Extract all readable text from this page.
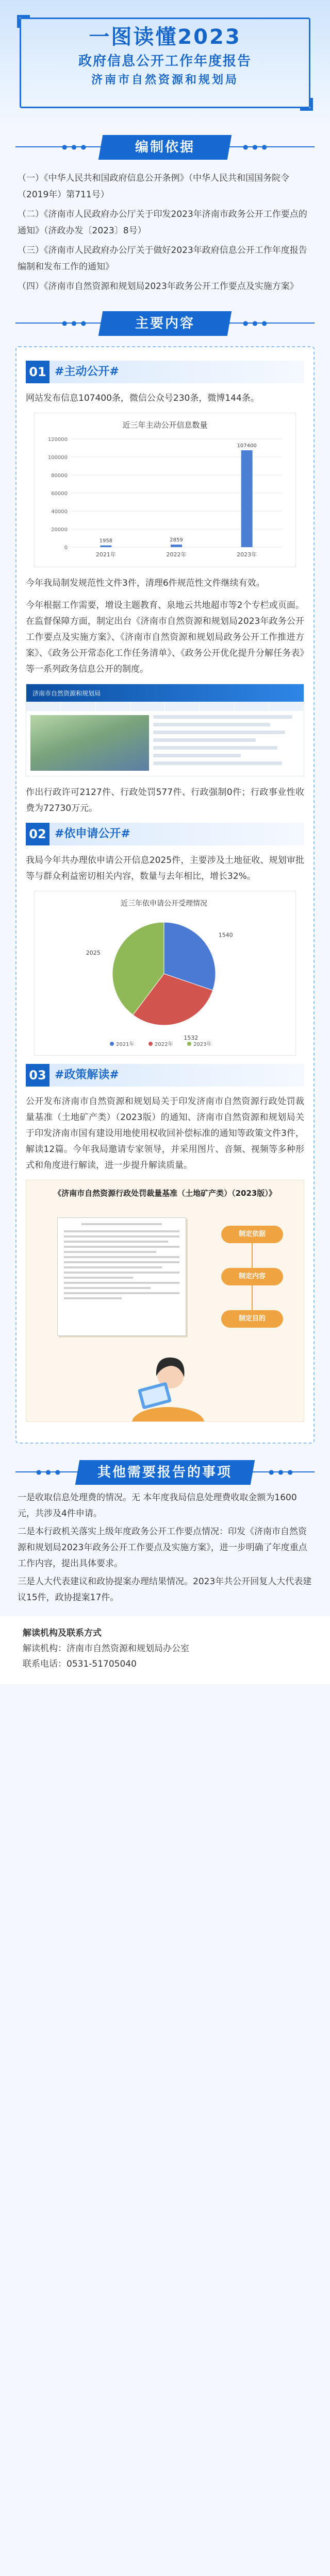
一图读懂2023
政府信息公开工作年度报告
济南市自然资源和规划局
● ● ●	● ● ●
编制依据

（一）《中华人民共和国政府信息公开条例》（中华人民共和国国务院令（2019年）第711号）

（二）《济南市人民政府办公厅关于印发2023年济南市政务公开工作要点的通知》（济政办发〔2023〕8号）

（三）《济南市人民政府办公厅关于做好2023年政府信息公开工作年度报告编制和发布工作的通知》

（四）《济南市自然资源和规划局2023年政务公开工作要点及实施方案》

● ● ●	● ● ●
主要内容
01 #主动公开#

网站发布信息107400条，微信公众号230条，微博144条。

近三年主动公开信息数量
0
20000
40000
60000
80000
100000
120000
1958
2021年
2859
2022年
107400
2023年

今年我局制发规范性文件3件，清理6件规范性文件继续有效。

今年根据工作需要，增设主题教育、泉地云共地超市等2个专栏或页面。在监督保障方面，制定出台《济南市自然资源和规划局2023年政务公开工作要点及实施方案》、《济南市自然资源和规划局政务公开工作推进方案》、《政务公开常态化工作任务清单》、《政务公开优化提升分解任务表》等一系列政务信息公开的制度。

济南市自然资源和规划局

作出行政许可2127件、行政处罚577件、行政强制0件；行政事业性收费为72730万元。

02 #依申请公开#

我局今年共办理依申请公开信息2025件，主要涉及土地征收、规划审批等与群众利益密切相关内容，数量与去年相比，增长32%。

近三年依申请公开受理情况
1540
1532
2025
2021年	2022年	2023年
03 #政策解读#

公开发布济南市自然资源和规划局关于印发济南市自然资源行政处罚裁量基准（土地矿产类）（2023版）的通知、济南市自然资源和规划局关于印发济南市国有建设用地使用权收回补偿标准的通知等政策文件3件，解读12篇。今年我局邀请专家领导，并采用图片、音频、视频等多种形式和角度进行解读，进一步提升解读质量。

《济南市自然资源行政处罚裁量基准（土地矿产类）（2023版）》
制定依据
制定内容
制定目的
● ● ●	● ● ●
其他需要报告的事项

一是收取信息处理费的情况。无 本年度我局信息处理费收取金额为1600元，共涉及4件申请。

二是本行政机关落实上级年度政务公开工作要点情况：印发《济南市自然资源和规划局2023年政务公开工作要点及实施方案》，进一步明确了年度重点工作内容，提出具体要求。

三是人大代表建议和政协提案办理结果情况。2023年共公开回复人大代表建议15件，政协提案17件。

解读机构及联系方式
解读机构：济南市自然资源和规划局办公室
联系电话：0531-51705040
